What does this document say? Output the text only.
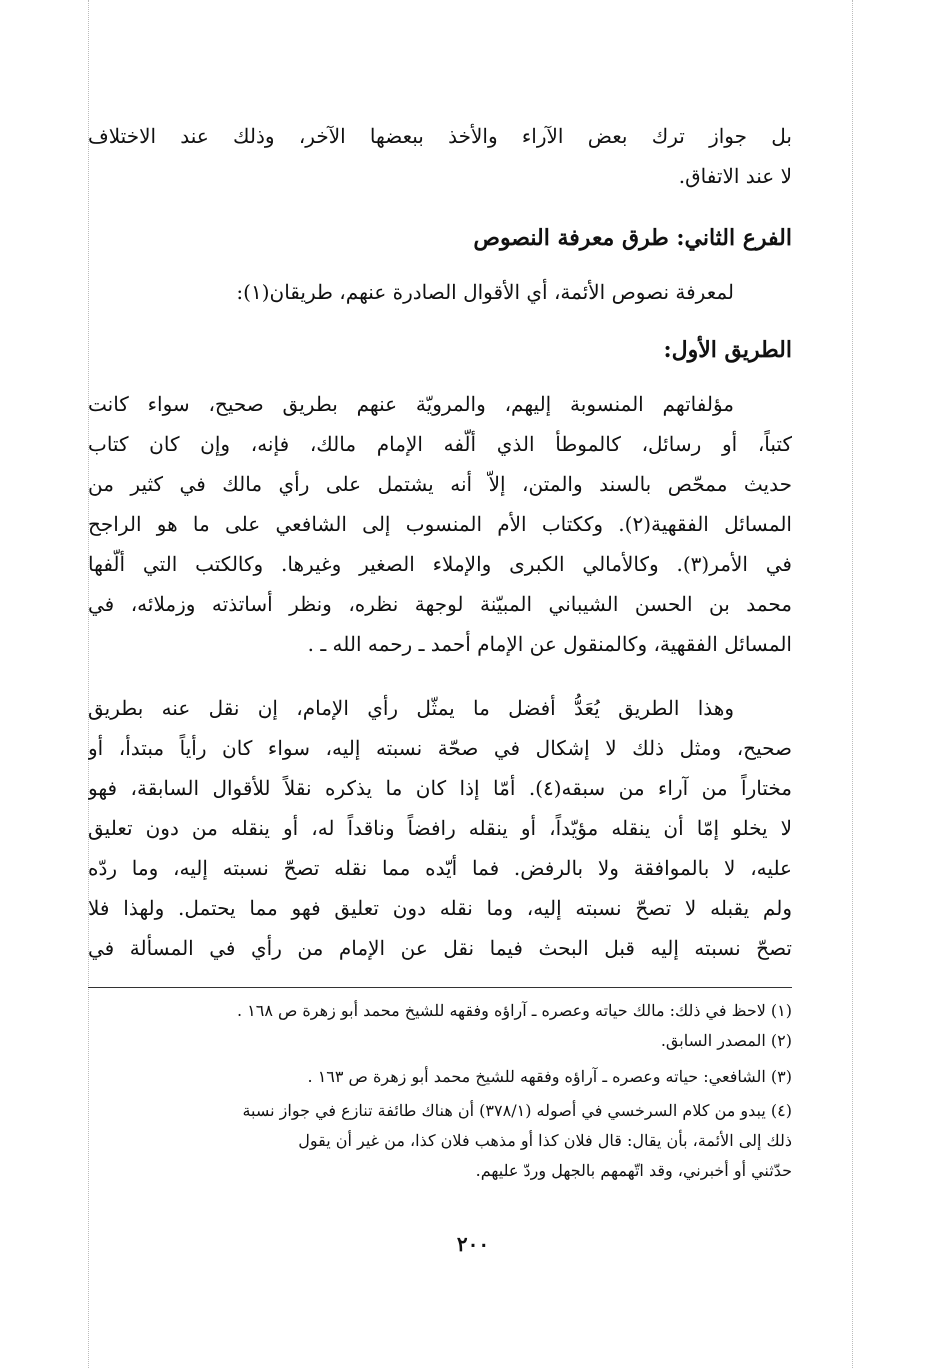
بل جواز ترك بعض الآراء والأخذ ببعضها الآخر، وذلك عند الاختلاف
لا عند الاتفاق.
الفرع الثاني: طرق معرفة النصوص
لمعرفة نصوص الأئمة، أي الأقوال الصادرة عنهم، طريقان(١):
الطريق الأول:
مؤلفاتهم المنسوبة إليهم، والمرويّة عنهم بطريق صحيح، سواء كانت
كتباً، أو رسائل، كالموطأ الذي ألّفه الإمام مالك، فإنه، وإن كان كتاب
حديث ممحّص بالسند والمتن، إلاّ أنه يشتمل على رأي مالك في كثير من
المسائل الفقهية(٢). وككتاب الأم المنسوب إلى الشافعي على ما هو الراجح
في الأمر(٣). وكالأمالي الكبرى والإملاء الصغير وغيرها. وكالكتب التي ألّفها
محمد بن الحسن الشيباني المبيّنة لوجهة نظره، ونظر أساتذته وزملائه، في
المسائل الفقهية، وكالمنقول عن الإمام أحمد ـ رحمه الله ـ .
وهذا الطريق يُعَدُّ أفضل ما يمثّل رأي الإمام، إن نقل عنه بطريق
صحيح، ومثل ذلك لا إشكال في صحّة نسبته إليه، سواء كان رأياً مبتدأ، أو
مختاراً من آراء من سبقه(٤). أمّا إذا كان ما يذكره نقلاً للأقوال السابقة، فهو
لا يخلو إمّا أن ينقله مؤيّداً، أو ينقله رافضاً وناقداً له، أو ينقله من دون تعليق
عليه، لا بالموافقة ولا بالرفض. فما أيّده مما نقله تصحّ نسبته إليه، وما ردّه
ولم يقبله لا تصحّ نسبته إليه، وما نقله دون تعليق فهو مما يحتمل. ولهذا فلا
تصحّ نسبته إليه قبل البحث فيما نقل عن الإمام من رأي في المسألة في
(١) لاحظ في ذلك: مالك حياته وعصره ـ آراؤه وفقهه للشيخ محمد أبو زهرة ص ١٦٨ .
(٢) المصدر السابق.
(٣) الشافعي: حياته وعصره ـ آراؤه وفقهه للشيخ محمد أبو زهرة ص ١٦٣ .
(٤) يبدو من كلام السرخسي في أصوله (٣٧٨/١) أن هناك طائفة تنازع في جواز نسبة
ذلك إلى الأئمة، بأن يقال: قال فلان كذا أو مذهب فلان كذا، من غير أن يقول
حدّثني أو أخبرني، وقد اتّهمهم بالجهل وردّ عليهم.
٢٠٠
